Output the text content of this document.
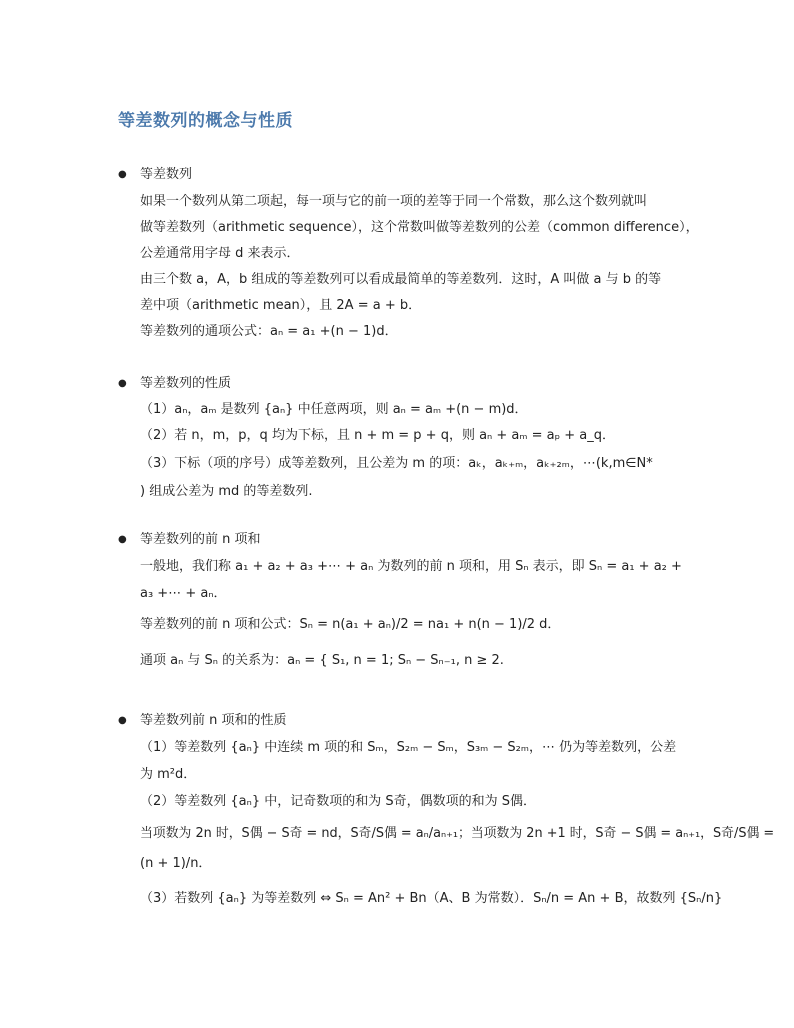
等差数列的概念与性质
● 等差数列
如果一个数列从第二项起，每一项与它的前一项的差等于同一个常数，那么这个数列就叫
做等差数列（arithmetic sequence），这个常数叫做等差数列的公差（common difference），
公差通常用字母 d 来表示．
由三个数 a，A，b 组成的等差数列可以看成最简单的等差数列．这时，A 叫做 a 与 b 的等
差中项（arithmetic mean），且 2A = a + b．
等差数列的通项公式：aₙ = a₁ +(n − 1)d．
● 等差数列的性质
（1）aₙ，aₘ 是数列 {aₙ} 中任意两项，则 aₙ = aₘ +(n − m)d．
（2）若 n，m，p，q 均为下标，且 n + m = p + q，则 aₙ + aₘ = aₚ + a_q．
（3）下标（项的序号）成等差数列，且公差为 m 的项：aₖ，aₖ₊ₘ，aₖ₊₂ₘ，⋯(k,m∈N*
) 组成公差为 md 的等差数列.
● 等差数列的前 n 项和
一般地，我们称 a₁ + a₂ + a₃ +⋯ + aₙ 为数列的前 n 项和，用 Sₙ 表示，即 Sₙ = a₁ + a₂ +
a₃ +⋯ + aₙ．
等差数列的前 n 项和公式：Sₙ = n(a₁ + aₙ)/2 = na₁ + n(n − 1)/2 d．
通项 aₙ 与 Sₙ 的关系为：aₙ = { S₁, n = 1; Sₙ − Sₙ₋₁, n ≥ 2.
● 等差数列前 n 项和的性质
（1）等差数列 {aₙ} 中连续 m 项的和 Sₘ，S₂ₘ − Sₘ，S₃ₘ − S₂ₘ，⋯ 仍为等差数列，公差
为 m²d．
（2）等差数列 {aₙ} 中，记奇数项的和为 S奇，偶数项的和为 S偶．
当项数为 2n 时，S偶 − S奇 = nd，S奇/S偶 = aₙ/aₙ₊₁；当项数为 2n +1 时，S奇 − S偶 = aₙ₊₁，S奇/S偶 =
(n + 1)/n．
（3）若数列 {aₙ} 为等差数列 ⇔ Sₙ = An² + Bn（A、B 为常数）．Sₙ/n = An + B，故数列 {Sₙ/n}
